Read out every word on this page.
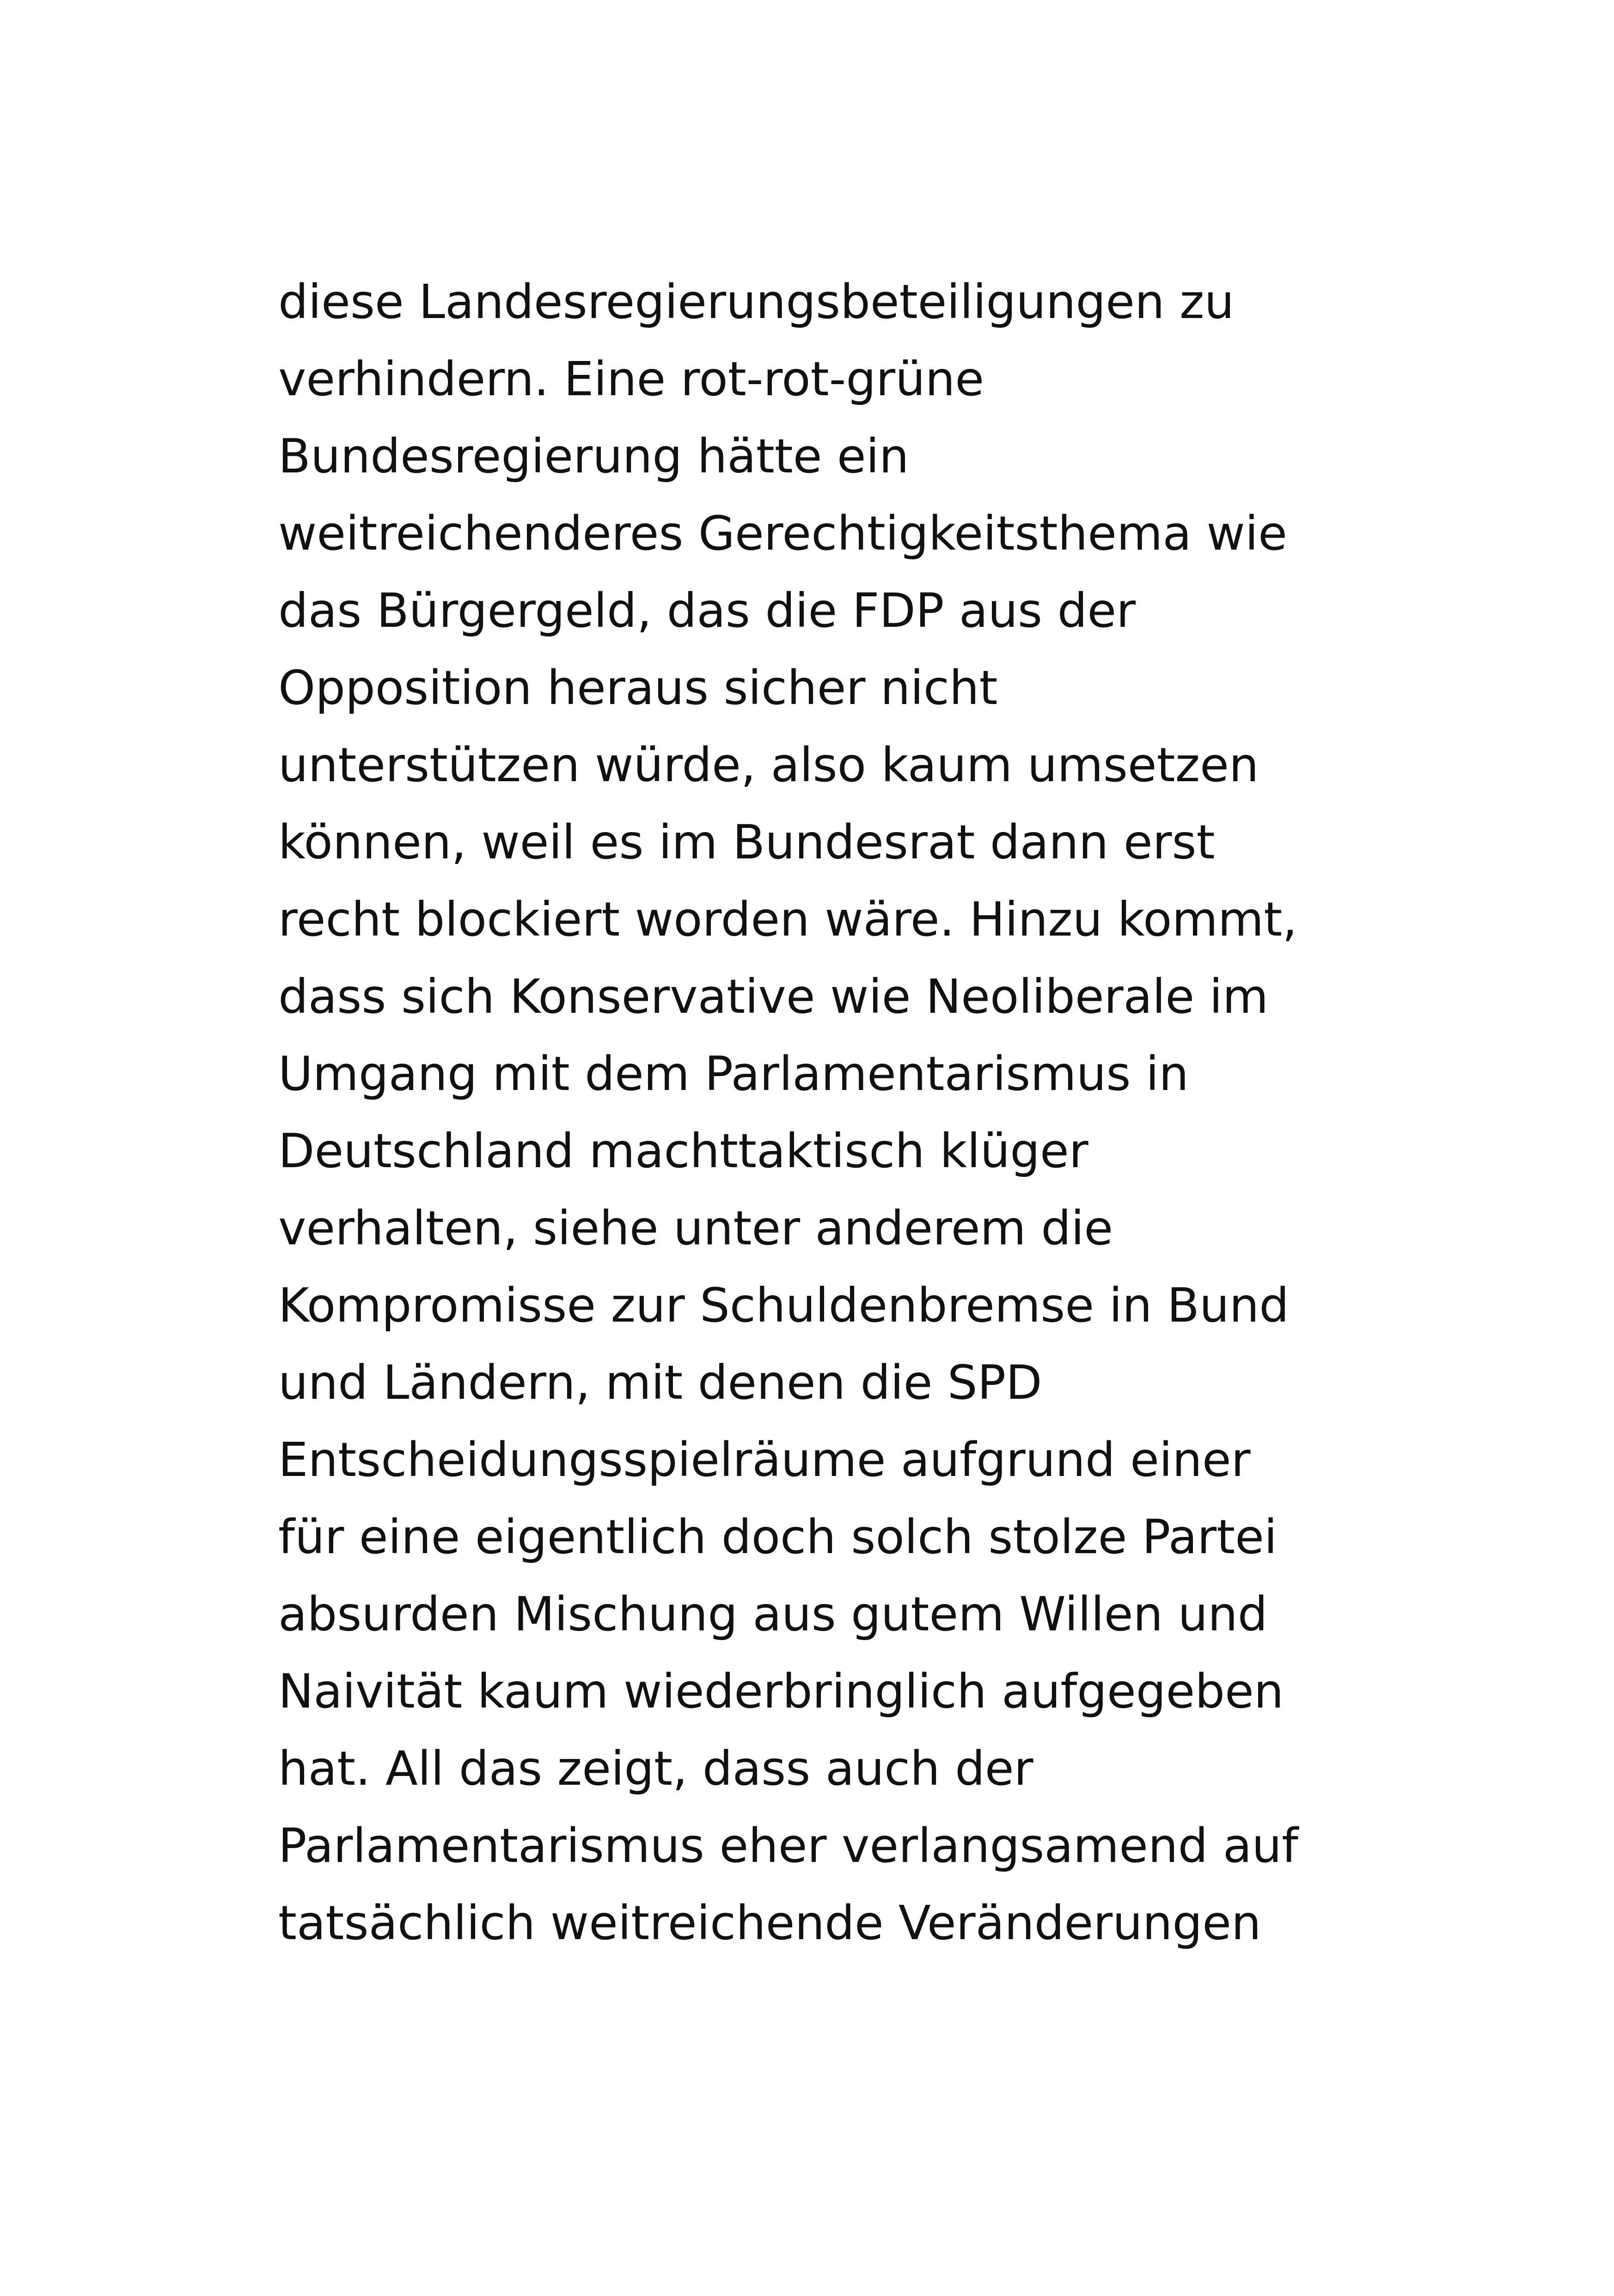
diese Landesregierungsbeteiligungen zu
verhindern. Eine rot-rot-grüne
Bundesregierung hätte ein
weitreichenderes Gerechtigkeitsthema wie
das Bürgergeld, das die FDP aus der
Opposition heraus sicher nicht
unterstützen würde, also kaum umsetzen
können, weil es im Bundesrat dann erst
recht blockiert worden wäre. Hinzu kommt,
dass sich Konservative wie Neoliberale im
Umgang mit dem Parlamentarismus in
Deutschland machttaktisch klüger
verhalten, siehe unter anderem die
Kompromisse zur Schuldenbremse in Bund
und Ländern, mit denen die SPD
Entscheidungsspielräume aufgrund einer
für eine eigentlich doch solch stolze Partei
absurden Mischung aus gutem Willen und
Naivität kaum wiederbringlich aufgegeben
hat. All das zeigt, dass auch der
Parlamentarismus eher verlangsamend auf
tatsächlich weitreichende Veränderungen
